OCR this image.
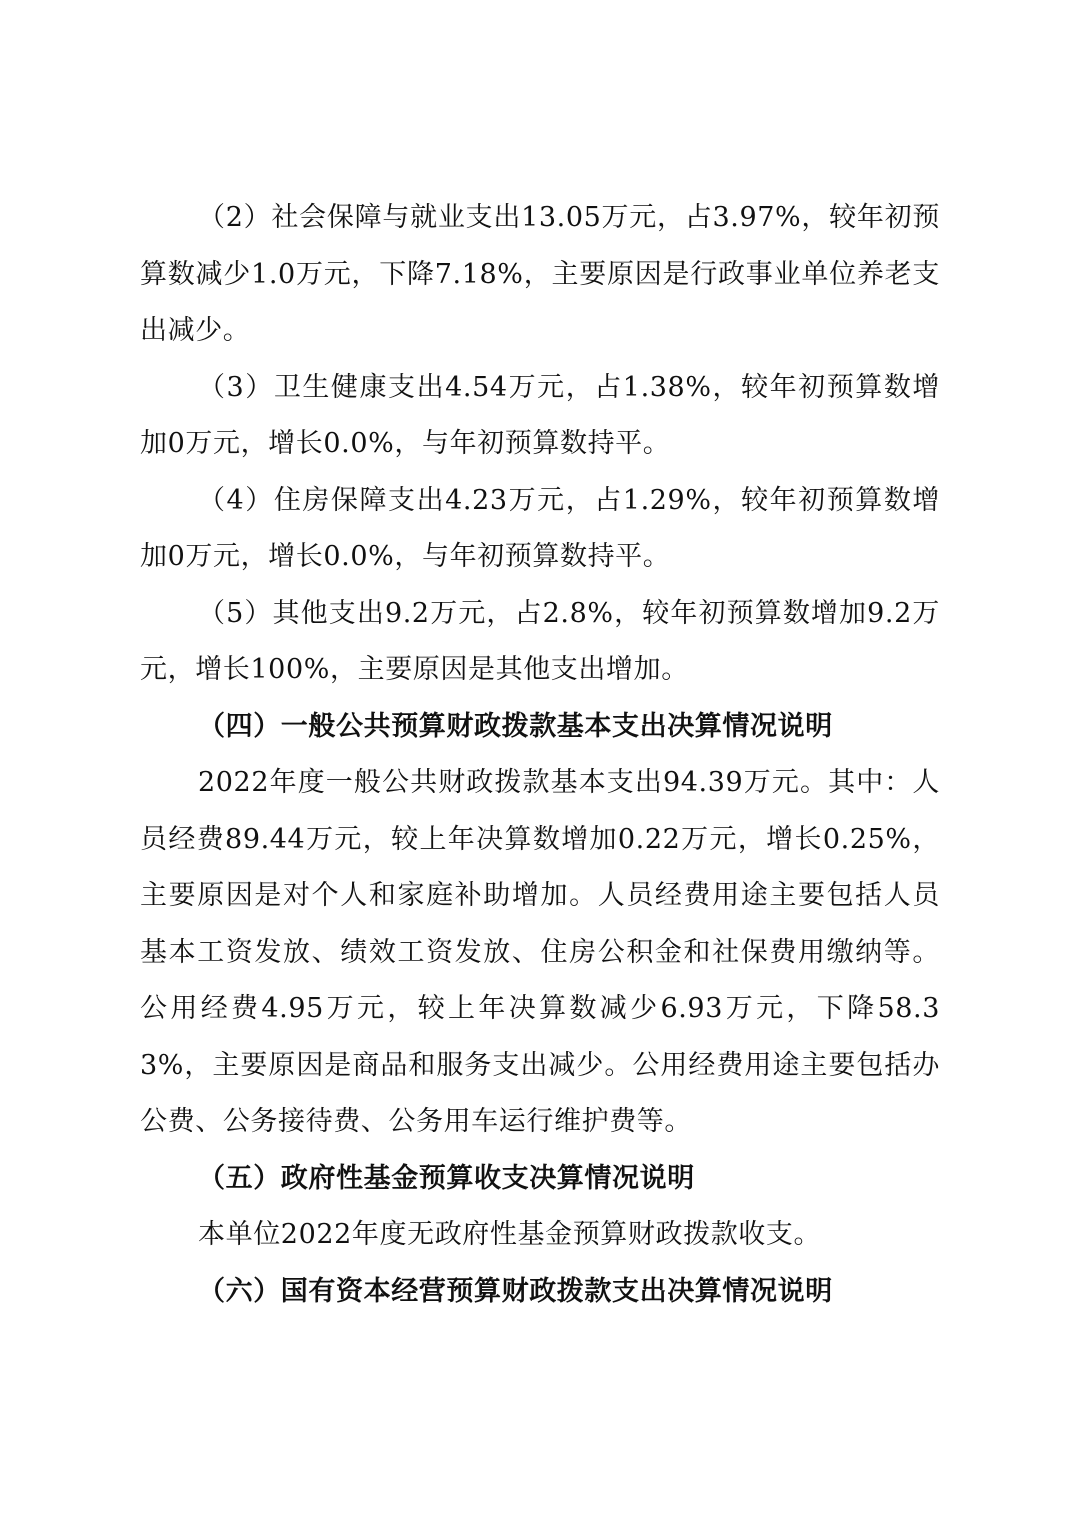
（2）社会保障与就业支出13.05万元，占3.97%，较年初预算数减少1.0万元，下降7.18%，主要原因是行政事业单位养老支出减少。

（3）卫生健康支出4.54万元，占1.38%，较年初预算数增加0万元，增长0.0%，与年初预算数持平。

（4）住房保障支出4.23万元，占1.29%，较年初预算数增加0万元，增长0.0%，与年初预算数持平。

（5）其他支出9.2万元，占2.8%，较年初预算数增加9.2万元，增长100%，主要原因是其他支出增加。

（四）一般公共预算财政拨款基本支出决算情况说明

2022年度一般公共财政拨款基本支出94.39万元。其中：人员经费89.44万元，较上年决算数增加0.22万元，增长0.25%，主要原因是对个人和家庭补助增加。人员经费用途主要包括人员基本工资发放、绩效工资发放、住房公积金和社保费用缴纳等。公用经费4.95万元，较上年决算数减少6.93万元，下降58.33%，主要原因是商品和服务支出减少。公用经费用途主要包括办公费、公务接待费、公务用车运行维护费等。

（五）政府性基金预算收支决算情况说明

本单位2022年度无政府性基金预算财政拨款收支。

（六）国有资本经营预算财政拨款支出决算情况说明
